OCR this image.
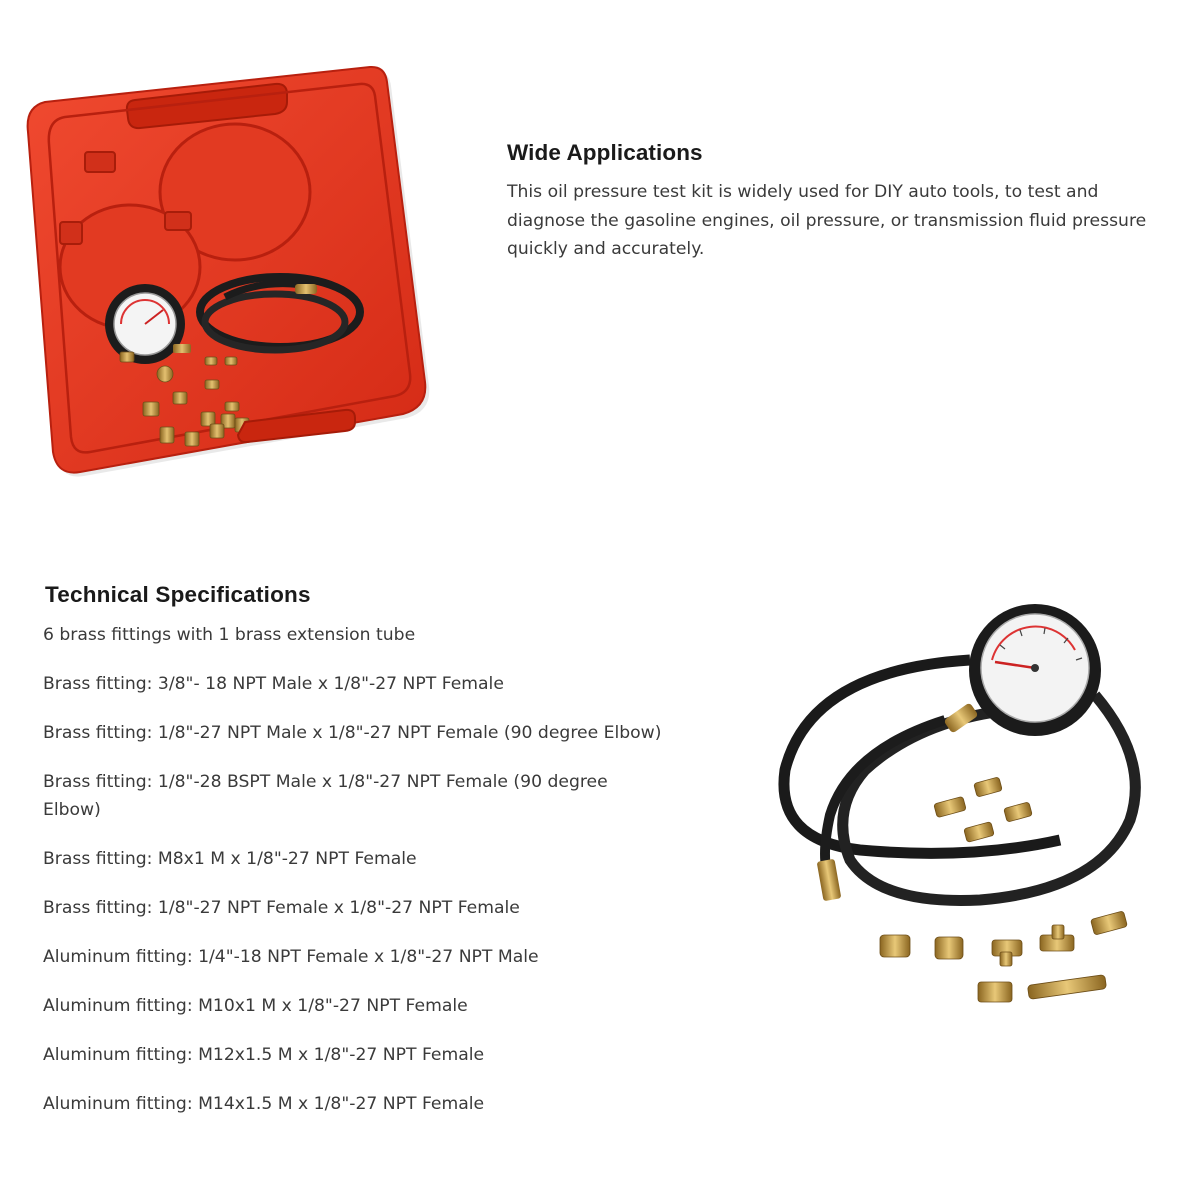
Wide Applications

This oil pressure test kit is widely used for DIY auto tools, to test and diagnose the gasoline engines, oil pressure, or transmission fluid pressure quickly and accurately.

Technical Specifications
6 brass fittings with 1 brass extension tube
Brass fitting: 3/8"- 18 NPT Male x 1/8"-27 NPT Female
Brass fitting: 1/8"-27 NPT Male x 1/8"-27 NPT Female (90 degree Elbow)
Brass fitting: 1/8"-28 BSPT Male x 1/8"-27 NPT Female (90 degree Elbow)
Brass fitting: M8x1 M x 1/8"-27 NPT Female
Brass fitting: 1/8"-27 NPT Female x 1/8"-27 NPT Female
Aluminum fitting: 1/4"-18 NPT Female x 1/8"-27 NPT Male
Aluminum fitting: M10x1 M x 1/8"-27 NPT Female
Aluminum fitting: M12x1.5 M x 1/8"-27 NPT Female
Aluminum fitting: M14x1.5 M x 1/8"-27 NPT Female
